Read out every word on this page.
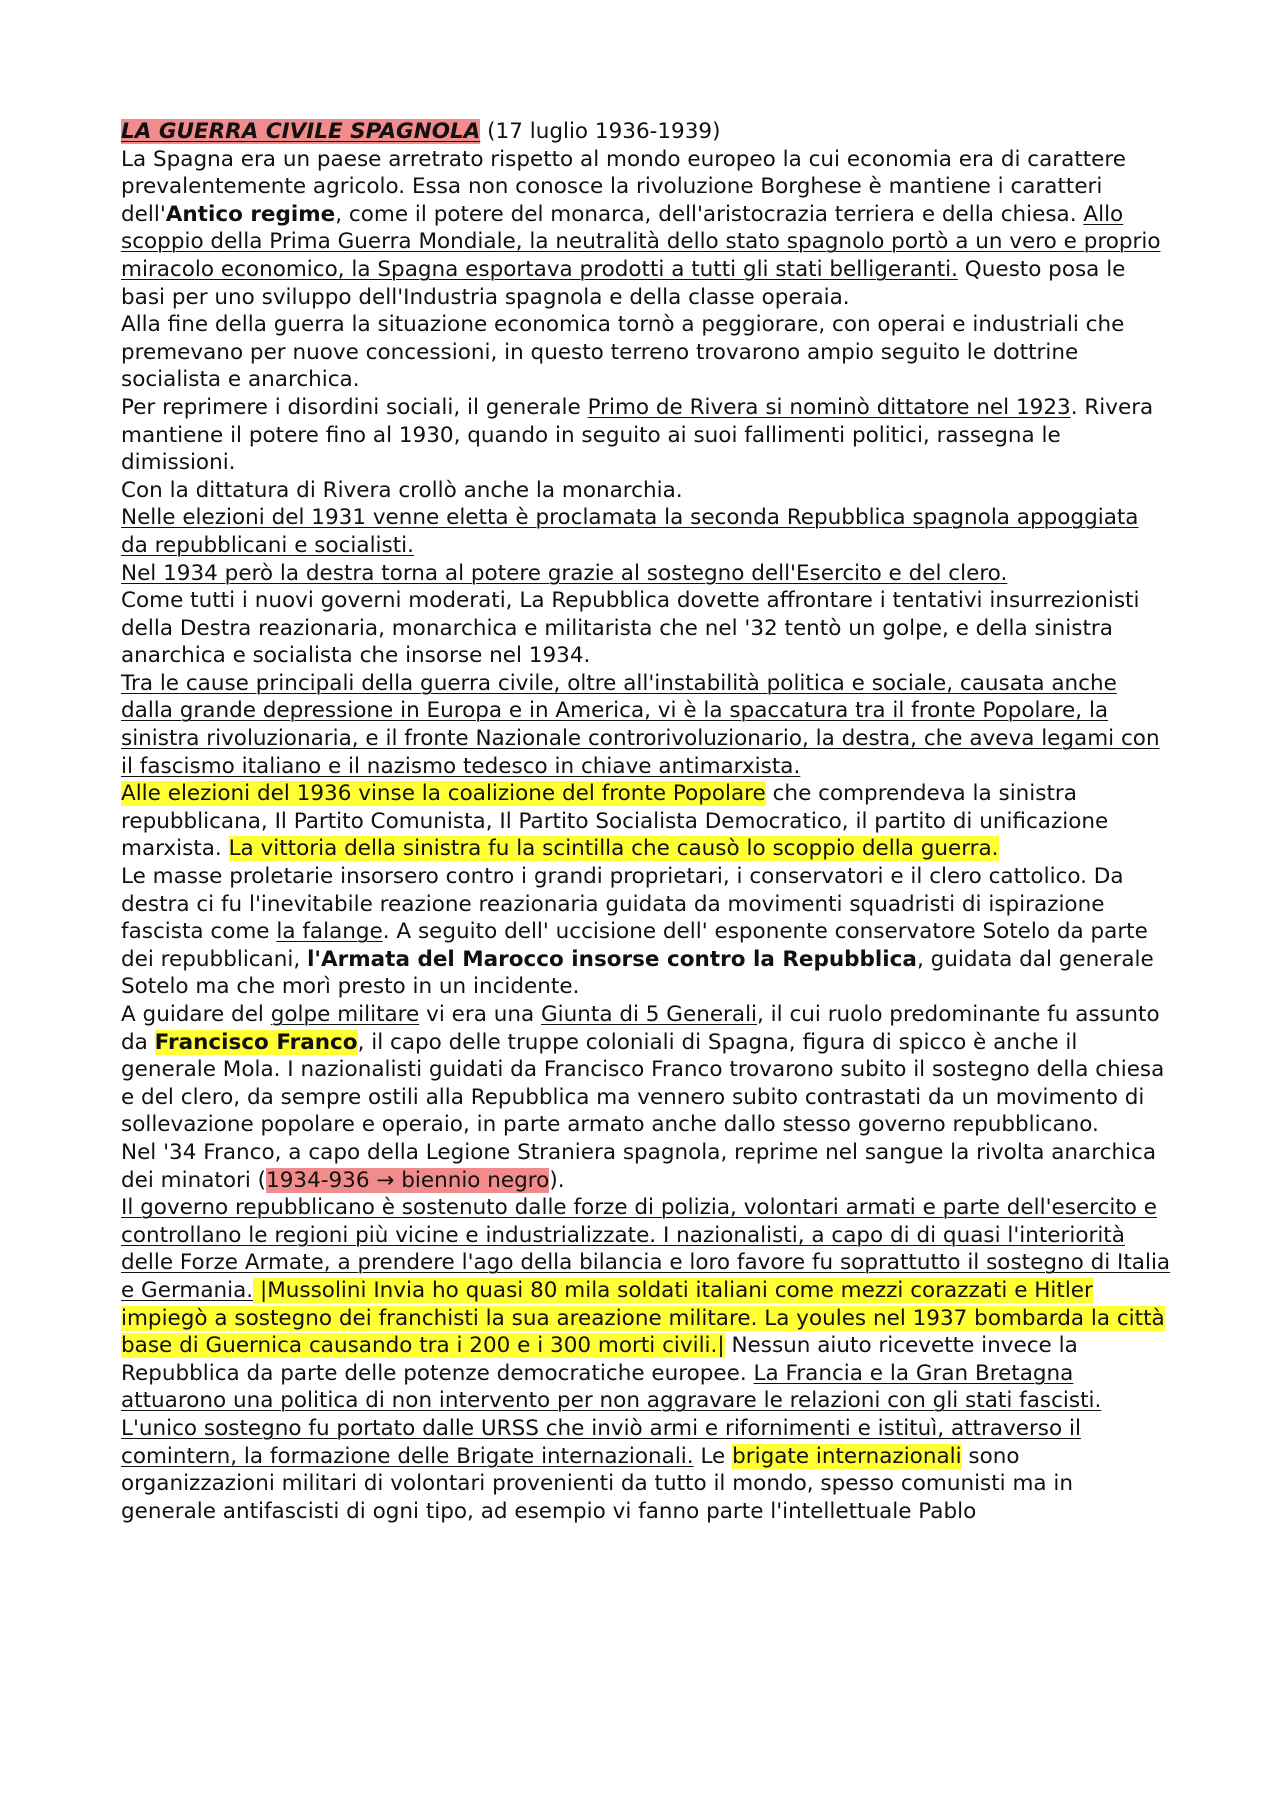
LA GUERRA CIVILE SPAGNOLA (17 luglio 1936-1939)

La Spagna era un paese arretrato rispetto al mondo europeo la cui economia era di carattere prevalentemente agricolo. Essa non conosce la rivoluzione Borghese è mantiene i caratteri dell'Antico regime, come il potere del monarca, dell'aristocrazia terriera e della chiesa. Allo scoppio della Prima Guerra Mondiale, la neutralità dello stato spagnolo portò a un vero e proprio miracolo economico, la Spagna esportava prodotti a tutti gli stati belligeranti. Questo posa le basi per uno sviluppo dell'Industria spagnola e della classe operaia.

Alla fine della guerra la situazione economica tornò a peggiorare, con operai e industriali che premevano per nuove concessioni, in questo terreno trovarono ampio seguito le dottrine socialista e anarchica.

Per reprimere i disordini sociali, il generale Primo de Rivera si nominò dittatore nel 1923. Rivera mantiene il potere fino al 1930, quando in seguito ai suoi fallimenti politici, rassegna le dimissioni.

Con la dittatura di Rivera crollò anche la monarchia.

Nelle elezioni del 1931 venne eletta è proclamata la seconda Repubblica spagnola appoggiata da repubblicani e socialisti.

Nel 1934 però la destra torna al potere grazie al sostegno dell'Esercito e del clero.

Come tutti i nuovi governi moderati, La Repubblica dovette affrontare i tentativi insurrezionisti della Destra reazionaria, monarchica e militarista che nel '32 tentò un golpe, e della sinistra anarchica e socialista che insorse nel 1934.

Tra le cause principali della guerra civile, oltre all'instabilità politica e sociale, causata anche dalla grande depressione in Europa e in America, vi è la spaccatura tra il fronte Popolare, la sinistra rivoluzionaria, e il fronte Nazionale controrivoluzionario, la destra, che aveva legami con il fascismo italiano e il nazismo tedesco in chiave antimarxista.

Alle elezioni del 1936 vinse la coalizione del fronte Popolare che comprendeva la sinistra repubblicana, Il Partito Comunista, Il Partito Socialista Democratico, il partito di unificazione marxista. La vittoria della sinistra fu la scintilla che causò lo scoppio della guerra.

Le masse proletarie insorsero contro i grandi proprietari, i conservatori e il clero cattolico. Da destra ci fu l'inevitabile reazione reazionaria guidata da movimenti squadristi di ispirazione fascista come la falange. A seguito dell' uccisione dell' esponente conservatore Sotelo da parte dei repubblicani, l'Armata del Marocco insorse contro la Repubblica, guidata dal generale Sotelo ma che morì presto in un incidente.

A guidare del golpe militare vi era una Giunta di 5 Generali, il cui ruolo predominante fu assunto da Francisco Franco, il capo delle truppe coloniali di Spagna, figura di spicco è anche il generale Mola. I nazionalisti guidati da Francisco Franco trovarono subito il sostegno della chiesa e del clero, da sempre ostili alla Repubblica ma vennero subito contrastati da un movimento di sollevazione popolare e operaio, in parte armato anche dallo stesso governo repubblicano.

Nel '34 Franco, a capo della Legione Straniera spagnola, reprime nel sangue la rivolta anarchica dei minatori (1934-936 → biennio negro).

Il governo repubblicano è sostenuto dalle forze di polizia, volontari armati e parte dell'esercito e controllano le regioni più vicine e industrializzate. I nazionalisti, a capo di di quasi l'interiorità delle Forze Armate, a prendere l'ago della bilancia e loro favore fu soprattutto il sostegno di Italia e Germania. |Mussolini Invia ho quasi 80 mila soldati italiani come mezzi corazzati e Hitler impiegò a sostegno dei franchisti la sua areazione militare. La youles nel 1937 bombarda la città base di Guernica causando tra i 200 e i 300 morti civili.| Nessun aiuto ricevette invece la Repubblica da parte delle potenze democratiche europee. La Francia e la Gran Bretagna attuarono una politica di non intervento per non aggravare le relazioni con gli stati fascisti. L'unico sostegno fu portato dalle URSS che inviò armi e rifornimenti e istituì, attraverso il comintern, la formazione delle Brigate internazionali. Le brigate internazionali sono organizzazioni militari di volontari provenienti da tutto il mondo, spesso comunisti ma in generale antifascisti di ogni tipo, ad esempio vi fanno parte l'intellettuale Pablo
